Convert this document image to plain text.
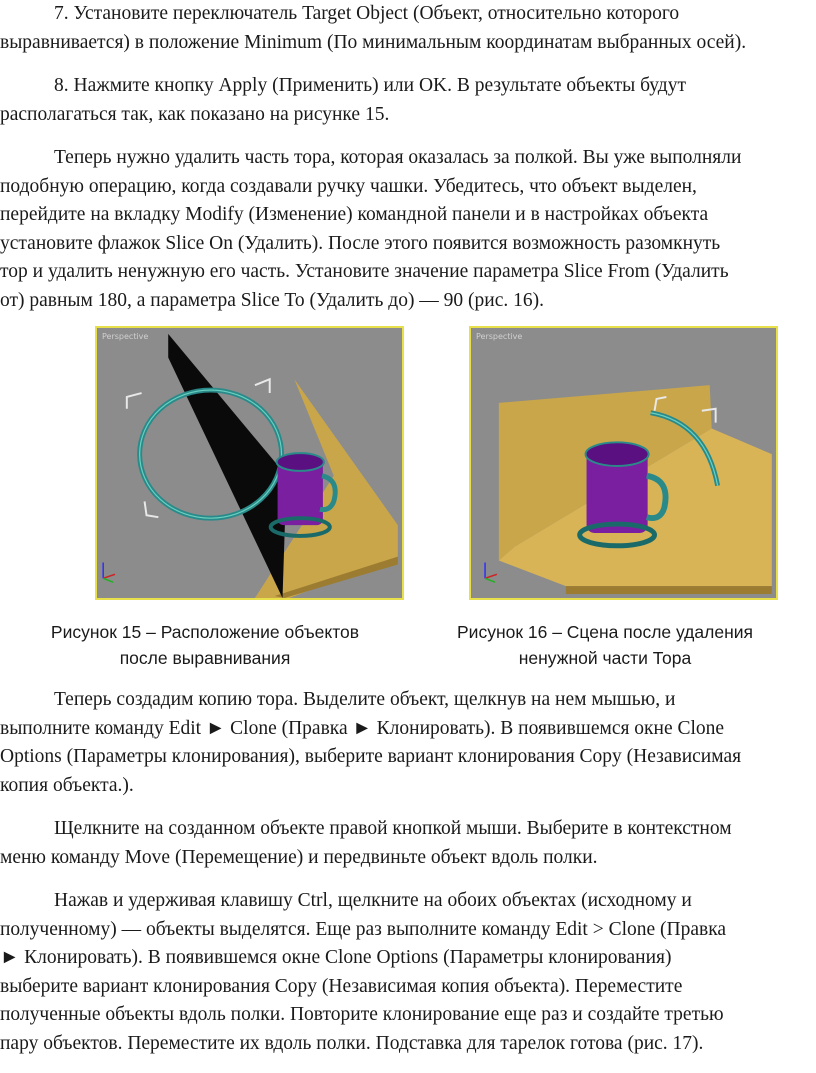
7. Установите переключатель Target Object (Объект, относительно которого
выравнивается) в положение Minimum (По минимальным координатам выбранных осей).

8. Нажмите кнопку Apply (Применить) или OK. В результате объекты будут
располагаться так, как показано на рисунке 15.

Теперь нужно удалить часть тора, которая оказалась за полкой. Вы уже выполняли
подобную операцию, когда создавали ручку чашки. Убедитесь, что объект выделен,
перейдите на вкладку Modify (Изменение) командной панели и в настройках объекта
установите флажок Slice On (Удалить). После этого появится возможность разомкнуть
тор и удалить ненужную его часть. Установите значение параметра Slice From (Удалить
от) равным 180, а параметра Slice To (Удалить до) — 90 (рис. 16).

Perspective	Perspective
Рисунок 15 – Расположение объектов
после выравнивания
Рисунок 16 – Сцена после удаления
ненужной части Тора

Теперь создадим копию тора. Выделите объект, щелкнув на нем мышью, и
выполните команду Edit ► Clone (Правка ► Клонировать). В появившемся окне Clone
Options (Параметры клонирования), выберите вариант клонирования Copy (Независимая
копия объекта.).

Щелкните на созданном объекте правой кнопкой мыши. Выберите в контекстном
меню команду Move (Перемещение) и передвиньте объект вдоль полки.

Нажав и удерживая клавишу Ctrl, щелкните на обоих объектах (исходному и
полученному) — объекты выделятся. Еще раз выполните команду Edit > Clone (Правка
► Клонировать). В появившемся окне Clone Options (Параметры клонирования)
выберите вариант клонирования Copy (Независимая копия объекта). Переместите
полученные объекты вдоль полки. Повторите клонирование еще раз и создайте третью
пару объектов. Переместите их вдоль полки. Подставка для тарелок готова (рис. 17).
